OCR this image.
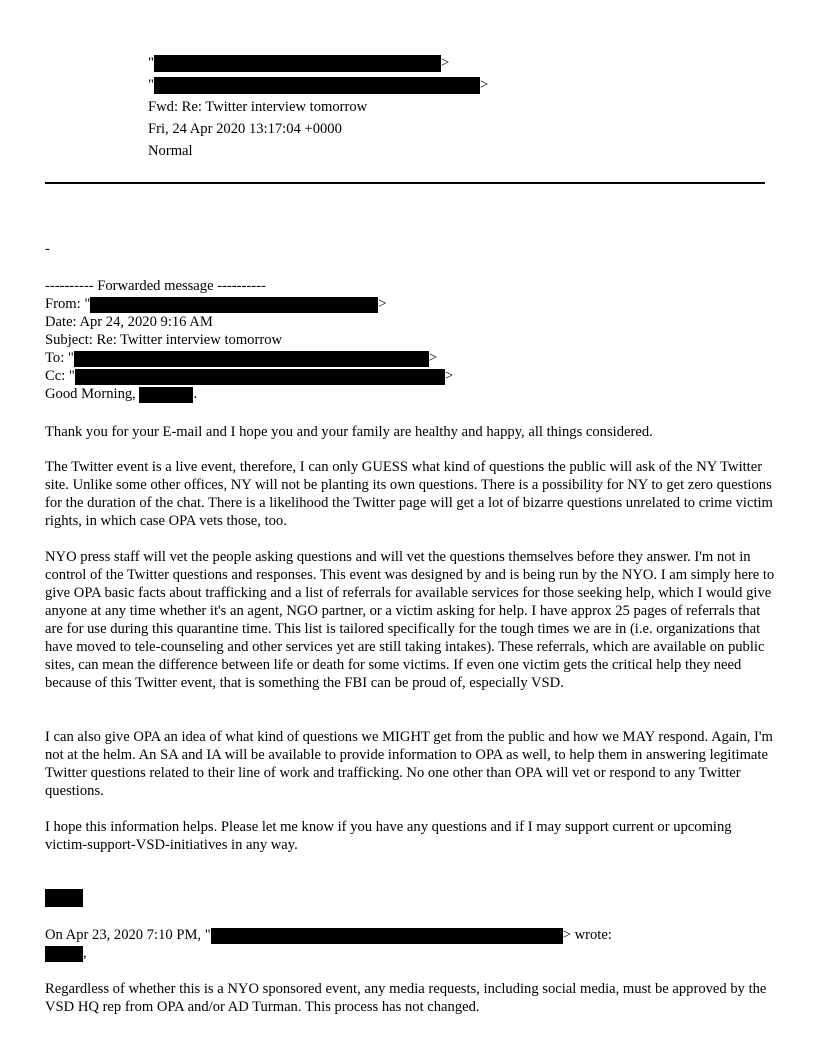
"	>
"	>
Fwd: Re: Twitter interview tomorrow
Fri, 24 Apr 2020 13:17:04 +0000
Normal
-
---------- Forwarded message ----------
From: "	>
Date: Apr 24, 2020 9:16 AM
Subject: Re: Twitter interview tomorrow
To: "	>
Cc: "	>
Good Morning,	.
Thank you for your E-mail and I hope you and your family are healthy and happy, all things considered.
The Twitter event is a live event, therefore, I can only GUESS what kind of questions the public will ask of the NY Twitter site. Unlike some other offices, NY will not be planting its own questions. There is a possibility for NY to get zero questions for the duration of the chat. There is a likelihood the Twitter page will get a lot of bizarre questions unrelated to crime victim rights, in which case OPA vets those, too.
NYO press staff will vet the people asking questions and will vet the questions themselves before they answer. I'm not in control of the Twitter questions and responses. This event was designed by and is being run by the NYO. I am simply here to give OPA basic facts about trafficking and a list of referrals for available services for those seeking help, which I would give anyone at any time whether it's an agent, NGO partner, or a victim asking for help. I have approx 25 pages of referrals that are for use during this quarantine time. This list is tailored specifically for the tough times we are in (i.e. organizations that have moved to tele-counseling and other services yet are still taking intakes). These referrals, which are available on public sites, can mean the difference between life or death for some victims. If even one victim gets the critical help they need because of this Twitter event, that is something the FBI can be proud of, especially VSD.
I can also give OPA an idea of what kind of questions we MIGHT get from the public and how we MAY respond. Again, I'm not at the helm. An SA and IA will be available to provide information to OPA as well, to help them in answering legitimate Twitter questions related to their line of work and trafficking. No one other than OPA will vet or respond to any Twitter questions.
I hope this information helps. Please let me know if you have any questions and if I may support current or upcoming victim-support-VSD-initiatives in any way.
On Apr 23, 2020 7:10 PM, "	> wrote:
,
Regardless of whether this is a NYO sponsored event, any media requests, including social media, must be approved by the VSD HQ rep from OPA and/or AD Turman. This process has not changed.
